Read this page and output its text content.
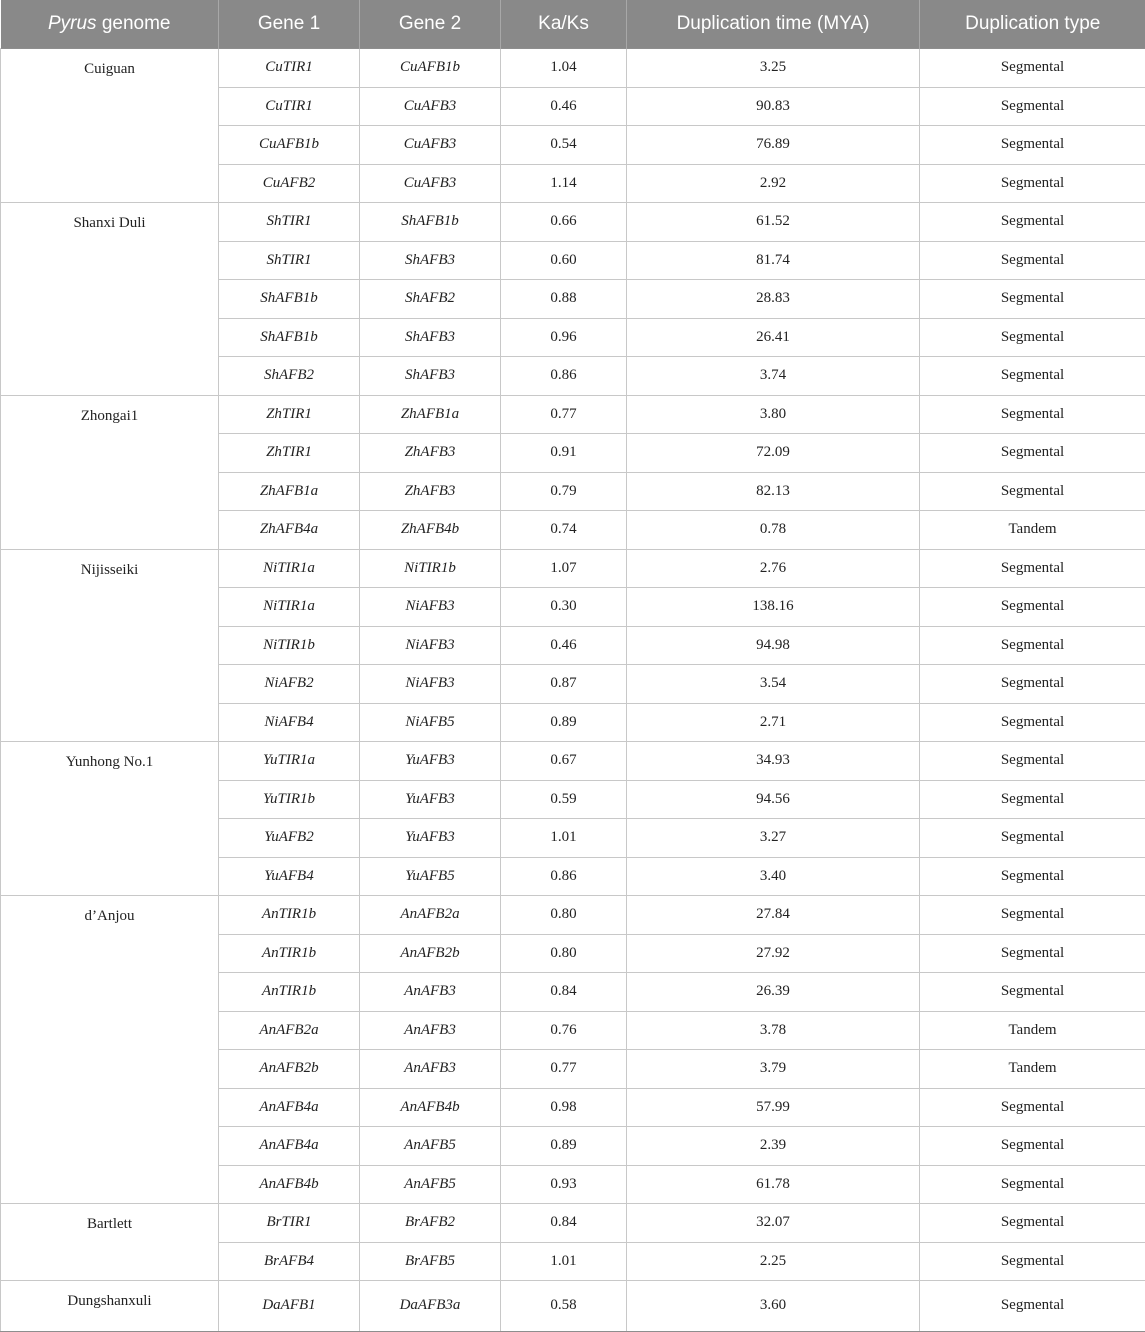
Pyrus genome	Gene 1	Gene 2	Ka/Ks	Duplication time (MYA)	Duplication type
Cuiguan	CuTIR1	CuAFB1b	1.04	3.25	Segmental
	CuTIR1	CuAFB3	0.46	90.83	Segmental
	CuAFB1b	CuAFB3	0.54	76.89	Segmental
	CuAFB2	CuAFB3	1.14	2.92	Segmental
Shanxi Duli	ShTIR1	ShAFB1b	0.66	61.52	Segmental
	ShTIR1	ShAFB3	0.60	81.74	Segmental
	ShAFB1b	ShAFB2	0.88	28.83	Segmental
	ShAFB1b	ShAFB3	0.96	26.41	Segmental
	ShAFB2	ShAFB3	0.86	3.74	Segmental
Zhongai1	ZhTIR1	ZhAFB1a	0.77	3.80	Segmental
	ZhTIR1	ZhAFB3	0.91	72.09	Segmental
	ZhAFB1a	ZhAFB3	0.79	82.13	Segmental
	ZhAFB4a	ZhAFB4b	0.74	0.78	Tandem
Nijisseiki	NiTIR1a	NiTIR1b	1.07	2.76	Segmental
	NiTIR1a	NiAFB3	0.30	138.16	Segmental
	NiTIR1b	NiAFB3	0.46	94.98	Segmental
	NiAFB2	NiAFB3	0.87	3.54	Segmental
	NiAFB4	NiAFB5	0.89	2.71	Segmental
Yunhong No.1	YuTIR1a	YuAFB3	0.67	34.93	Segmental
	YuTIR1b	YuAFB3	0.59	94.56	Segmental
	YuAFB2	YuAFB3	1.01	3.27	Segmental
	YuAFB4	YuAFB5	0.86	3.40	Segmental
d’Anjou	AnTIR1b	AnAFB2a	0.80	27.84	Segmental
	AnTIR1b	AnAFB2b	0.80	27.92	Segmental
	AnTIR1b	AnAFB3	0.84	26.39	Segmental
	AnAFB2a	AnAFB3	0.76	3.78	Tandem
	AnAFB2b	AnAFB3	0.77	3.79	Tandem
	AnAFB4a	AnAFB4b	0.98	57.99	Segmental
	AnAFB4a	AnAFB5	0.89	2.39	Segmental
	AnAFB4b	AnAFB5	0.93	61.78	Segmental
Bartlett	BrTIR1	BrAFB2	0.84	32.07	Segmental
	BrAFB4	BrAFB5	1.01	2.25	Segmental
Dungshanxuli	DaAFB1	DaAFB3a	0.58	3.60	Segmental
